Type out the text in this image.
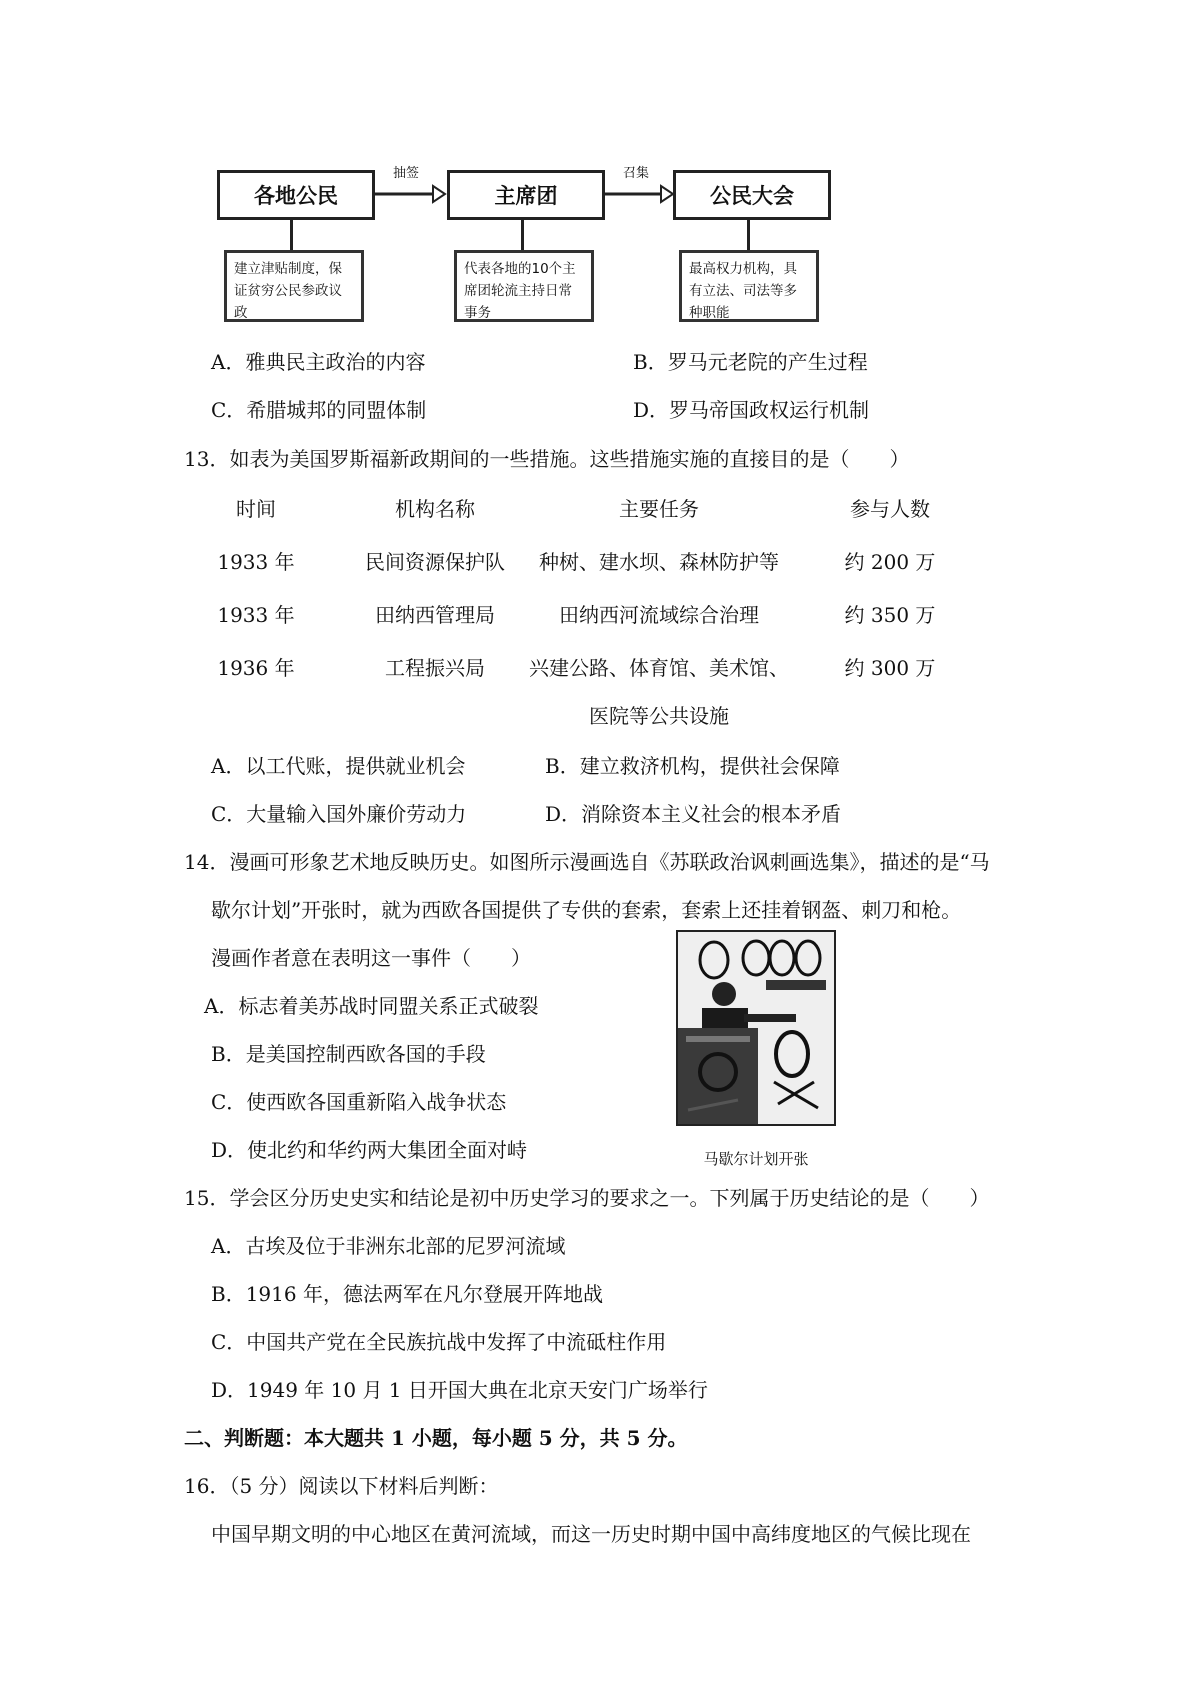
各地公民	主席团	公民大会
抽签	召集
建立津贴制度，保证贫穷公民参政议政
代表各地的10个主席团轮流主持日常事务
最高权力机构，具有立法、司法等多种职能
A．雅典民主政治的内容	B．罗马元老院的产生过程
C．希腊城邦的同盟体制	D．罗马帝国政权运行机制
13．如表为美国罗斯福新政期间的一些措施。这些措施实施的直接目的是（　　）
时间	机构名称	主要任务	参与人数
1933 年	民间资源保护队	种树、建水坝、森林防护等	约 200 万
1933 年	田纳西管理局	田纳西河流域综合治理	约 350 万
1936 年	工程振兴局	兴建公路、体育馆、美术馆、	约 300 万
医院等公共设施
A．以工代账，提供就业机会	B．建立救济机构，提供社会保障
C．大量输入国外廉价劳动力	D．消除资本主义社会的根本矛盾
14．漫画可形象艺术地反映历史。如图所示漫画选自《苏联政治讽刺画选集》，描述的是“马
歇尔计划”开张时，就为西欧各国提供了专供的套索，套索上还挂着钢盔、刺刀和枪。
漫画作者意在表明这一事件（　　）
A．标志着美苏战时同盟关系正式破裂
B．是美国控制西欧各国的手段
C．使西欧各国重新陷入战争状态
D．使北约和华约两大集团全面对峙	马歇尔计划开张
15．学会区分历史史实和结论是初中历史学习的要求之一。下列属于历史结论的是（　　）
A．古埃及位于非洲东北部的尼罗河流域
B．1916 年，德法两军在凡尔登展开阵地战
C．中国共产党在全民族抗战中发挥了中流砥柱作用
D．1949 年 10 月 1 日开国大典在北京天安门广场举行
二、判断题：本大题共 1 小题，每小题 5 分，共 5 分。
16．（5 分）阅读以下材料后判断：
中国早期文明的中心地区在黄河流域，而这一历史时期中国中高纬度地区的气候比现在
